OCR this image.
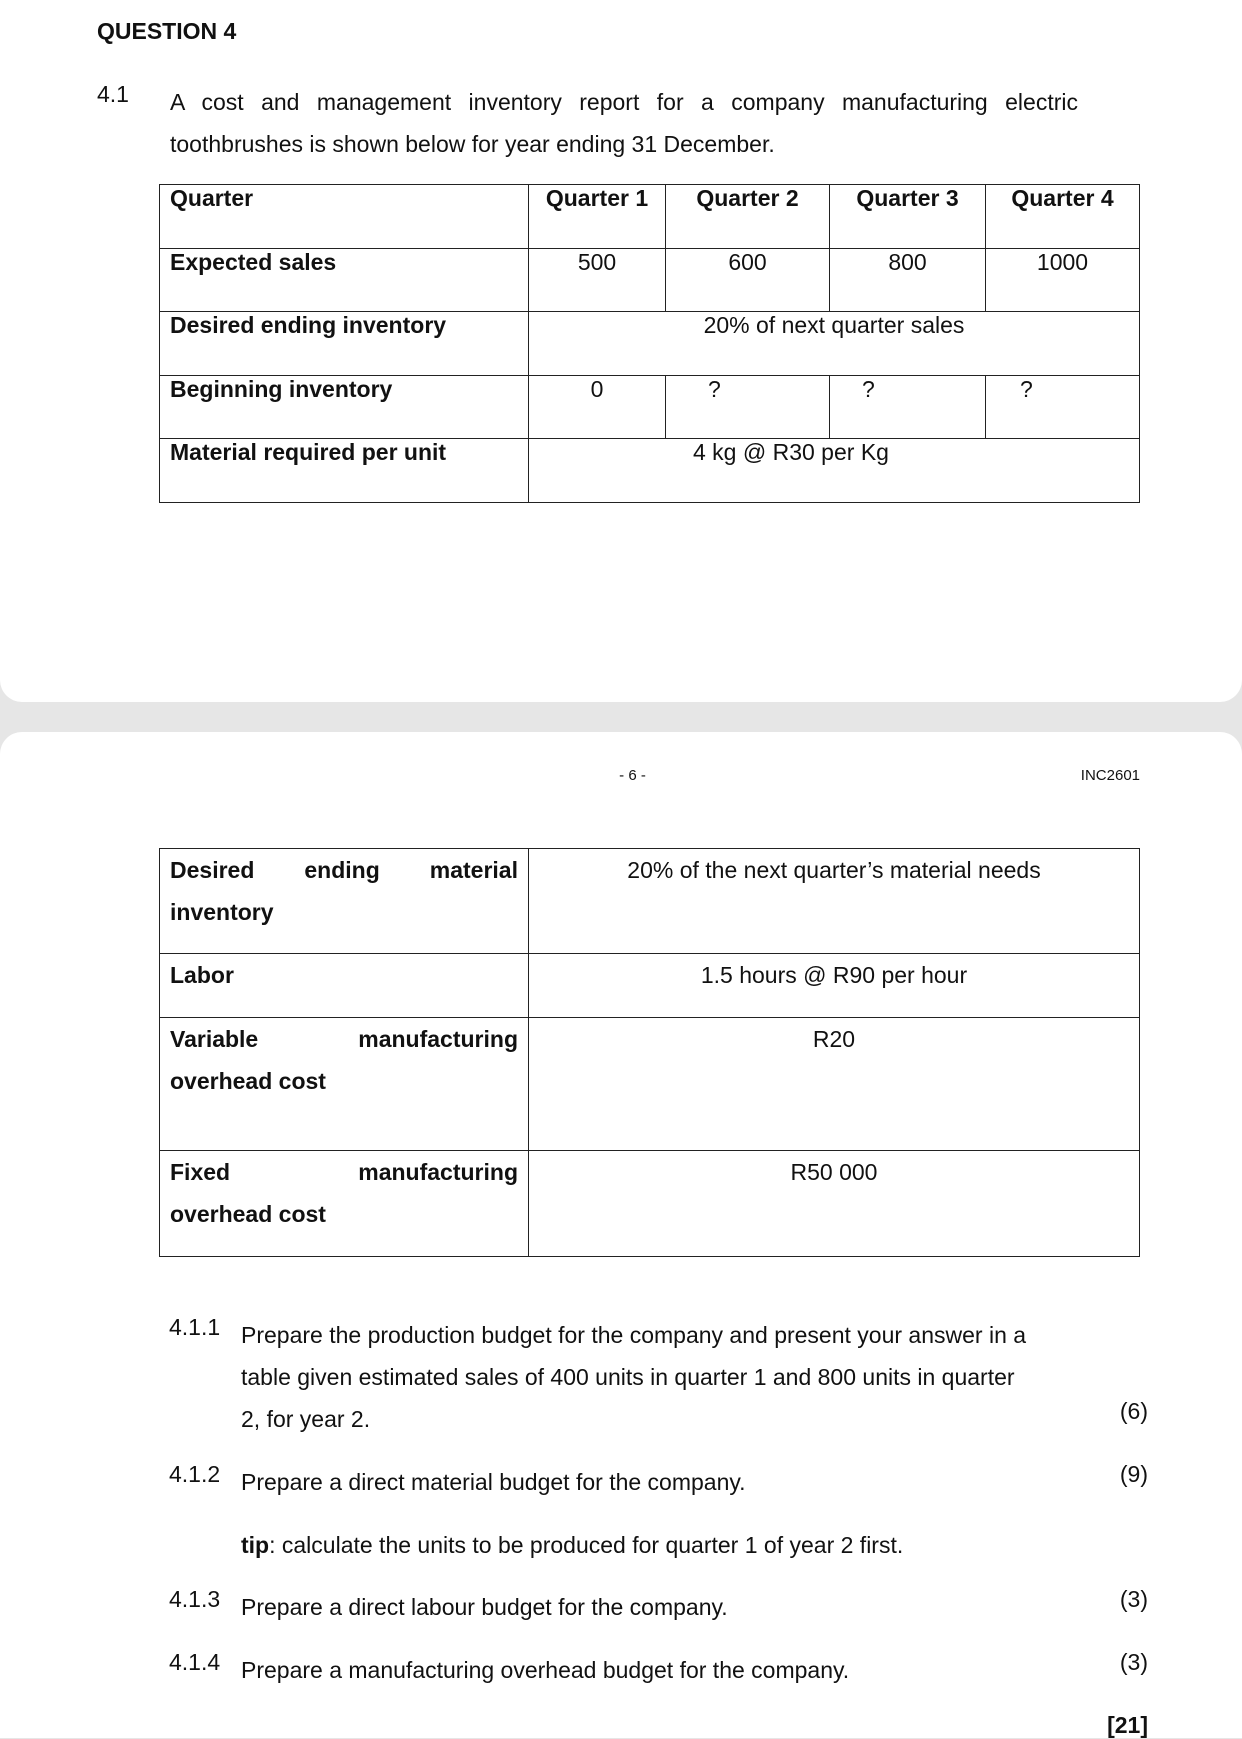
QUESTION 4
4.1 A cost and management inventory report for a company manufacturing electric
toothbrushes is shown below for year ending 31 December.
Quarter	Quarter 1	Quarter 2	Quarter 3	Quarter 4
Expected sales	500	600	800	1000
Desired ending inventory	20% of next quarter sales			
Beginning inventory	0	?	?	?
Material required per unit	4 kg @ R30 per Kg			
- 6 -	INC2601
Desired ending material
inventory	20% of the next quarter’s material needs
Labor	1.5 hours @ R90 per hour

Variable manufacturing
overhead cost	R20

Fixed manufacturing
overhead cost	R50 000
4.1.1 Prepare the production budget for the company and present your answer in a
table given estimated sales of 400 units in quarter 1 and 800 units in quarter
2, for year 2.	(6)
4.1.2 Prepare a direct material budget for the company.	(9)
tip: calculate the units to be produced for quarter 1 of year 2 first.
4.1.3 Prepare a direct labour budget for the company.	(3)
4.1.4 Prepare a manufacturing overhead budget for the company.	(3)
[21]
